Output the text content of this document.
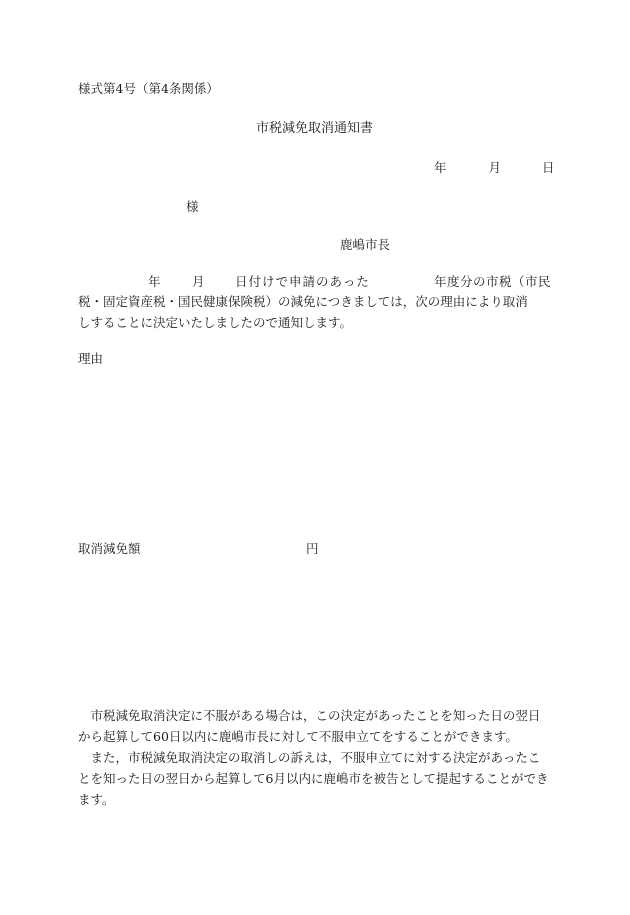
様式第4号（第4条関係）
市税減免取消通知書
年	月	日
様
鹿嶋市長
年	月 日付けで申請のあった	年度分の市税（市民
税・固定資産税・国民健康保険税）の減免につきましては，次の理由により取消
しすることに決定いたしましたので通知します。
理由
取消減免額	円

市税減免取消決定に不服がある場合は，この決定があったことを知った日の翌日から起算して60日以内に鹿嶋市長に対して不服申立てをすることができます。

また，市税減免取消決定の取消しの訴えは，不服申立てに対する決定があったことを知った日の翌日から起算して6月以内に鹿嶋市を被告として提起することができます。
